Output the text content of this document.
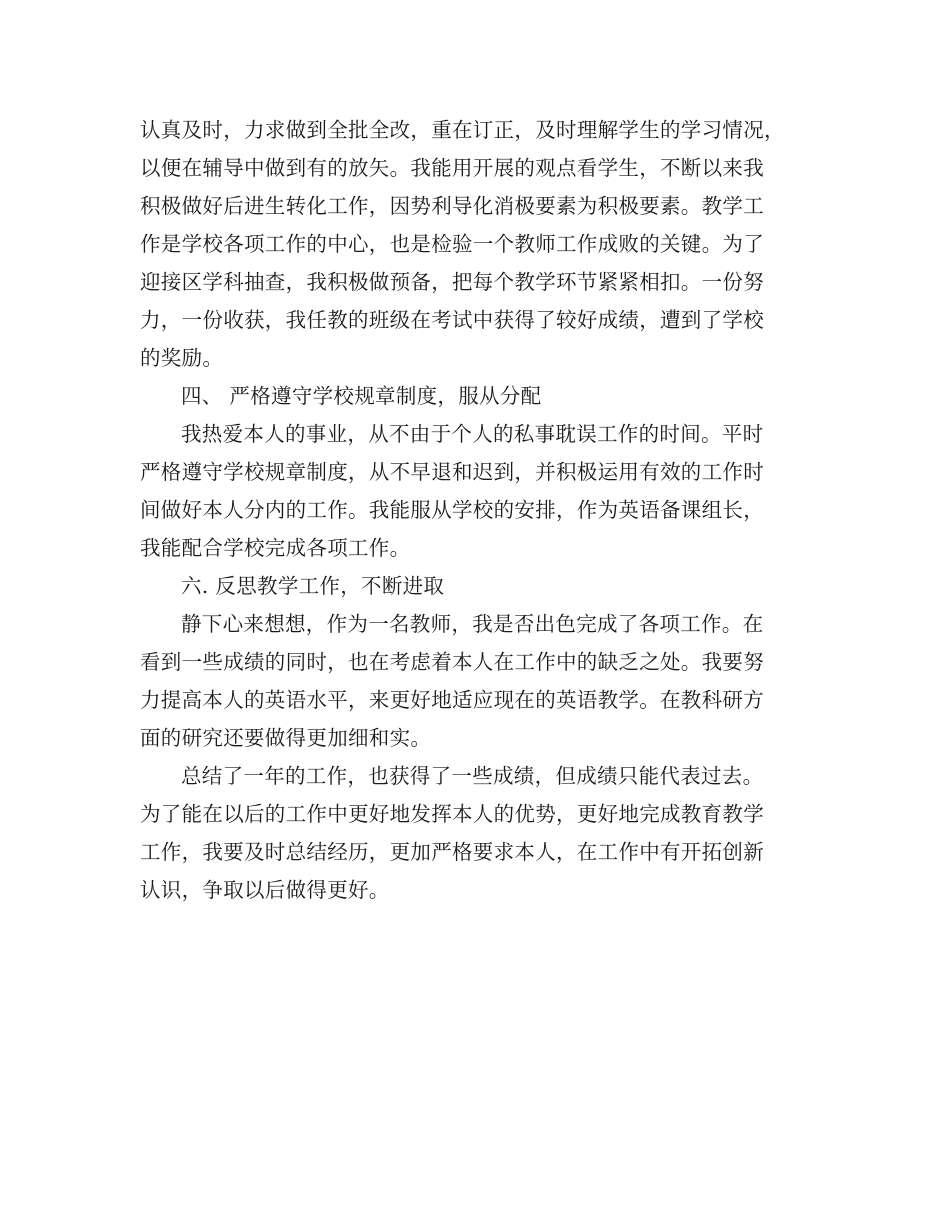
认真及时，力求做到全批全改，重在订正，及时理解学生的学习情况，
以便在辅导中做到有的放矢。我能用开展的观点看学生，不断以来我
积极做好后进生转化工作，因势利导化消极要素为积极要素。教学工
作是学校各项工作的中心，也是检验一个教师工作成败的关键。为了
迎接区学科抽查，我积极做预备，把每个教学环节紧紧相扣。一份努
力，一份收获，我任教的班级在考试中获得了较好成绩，遭到了学校
的奖励。
四、 严格遵守学校规章制度，服从分配
我热爱本人的事业，从不由于个人的私事耽误工作的时间。平时
严格遵守学校规章制度，从不早退和迟到，并积极运用有效的工作时
间做好本人分内的工作。我能服从学校的安排，作为英语备课组长，
我能配合学校完成各项工作。
六. 反思教学工作，不断进取
静下心来想想，作为一名教师，我是否出色完成了各项工作。在
看到一些成绩的同时，也在考虑着本人在工作中的缺乏之处。我要努
力提高本人的英语水平，来更好地适应现在的英语教学。在教科研方
面的研究还要做得更加细和实。
总结了一年的工作，也获得了一些成绩，但成绩只能代表过去。
为了能在以后的工作中更好地发挥本人的优势，更好地完成教育教学
工作，我要及时总结经历，更加严格要求本人，在工作中有开拓创新
认识，争取以后做得更好。
